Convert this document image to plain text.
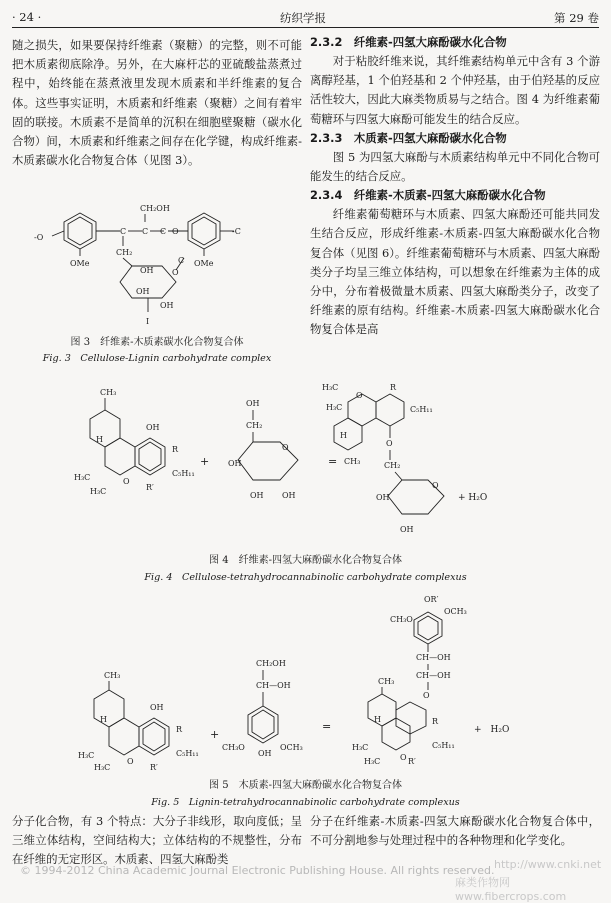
· 24 ·	纺织学报	第 29 卷

随之损失，如果要保持纤维素（聚糖）的完整，则不可能把木质素彻底除净。另外，在大麻杆芯的亚硫酸盐蒸煮过程中，始终能在蒸煮液里发现木质素和半纤维素的复合体。这些事实证明，木质素和纤维素（聚糖）之间有着牢固的联接。木质素不是简单的沉积在细胞壁聚糖（碳水化合物）间，木质素和纤维素之间存在化学键，构成纤维素-木质素碳水化合物复合体（见图 3）。

2.3.2　纤维素-四氢大麻酚碳水化合物

对于粘胶纤维来说，其纤维素结构单元中含有 3 个游离醇羟基，1 个伯羟基和 2 个仲羟基，由于伯羟基的反应活性较大，因此大麻类物质易与之结合。图 4 为纤维素葡萄糖环与四氢大麻酚可能发生的结合反应。

2.3.3　木质素-四氢大麻酚碳水化合物

图 5 为四氢大麻酚与木质素结构单元中不同化合物可能发生的结合反应。

2.3.4　纤维素-木质素-四氢大麻酚碳水化合物

纤维素葡萄糖环与木质素、四氢大麻酚还可能共同发生结合反应，形成纤维素-木质素-四氢大麻酚碳水化合物复合体（见图 6）。纤维素葡萄糖环与木质素、四氢大麻酚类分子均呈三维立体结构，可以想象在纤维素为主体的成分中，分布着极微量木质素、四氢大麻酚类分子，改变了纤维素的原有结构。纤维素-木质素-四氢大麻酚碳水化合物复合体是高

-O
OMe
C C C
CH₂OH
CH₂
O	-C
OMe
OH
OH
OH
O
C
I
图 3　纤维素-木质素碳水化合物复合体
Fig. 3　Cellulose-Lignin carbohydrate complex
CH₃
H
H₃C
H₃C
O
OH
R
C₅H₁₁
R′
+
OH
CH₂
O
OH
OH OH
=
R
C₅H₁₁
O
H₃C
H₃C
H
CH₃
O
CH₂
O
OH
OH
+ H₂O
图 4　纤维素-四氢大麻酚碳水化合物复合体
Fig. 4　Cellulose-tetrahydrocannabinolic carbohydrate complexus
CH₃
H
H₃C
H₃C
O
OH
R
C₅H₁₁
R′
+
CH₂OH
CH—OH
OH
CH₃O	OCH₃
=
OR′
OCH₃
CH₃O
CH—OH
CH—OH
O
CH₃
H
H₃C
H₃C O
R
C₅H₁₁
R′
+　H₂O
图 5　木质素-四氢大麻酚碳水化合物复合体
Fig. 5　Lignin-tetrahydrocannabinolic carbohydrate complexus

分子化合物，有 3 个特点：大分子非线形，取向度低；呈三维立体结构，空间结构大；立体结构的不规整性，分布在纤维的无定形区。木质素、四氢大麻酚类

分子在纤维素-木质素-四氢大麻酚碳水化合物复合体中，不可分割地参与处理过程中的各种物理和化学变化。

© 1994-2012 China Academic Journal Electronic Publishing House. All rights reserved. http://www.cnki.net
麻类作物网 www.fibercrops.com
